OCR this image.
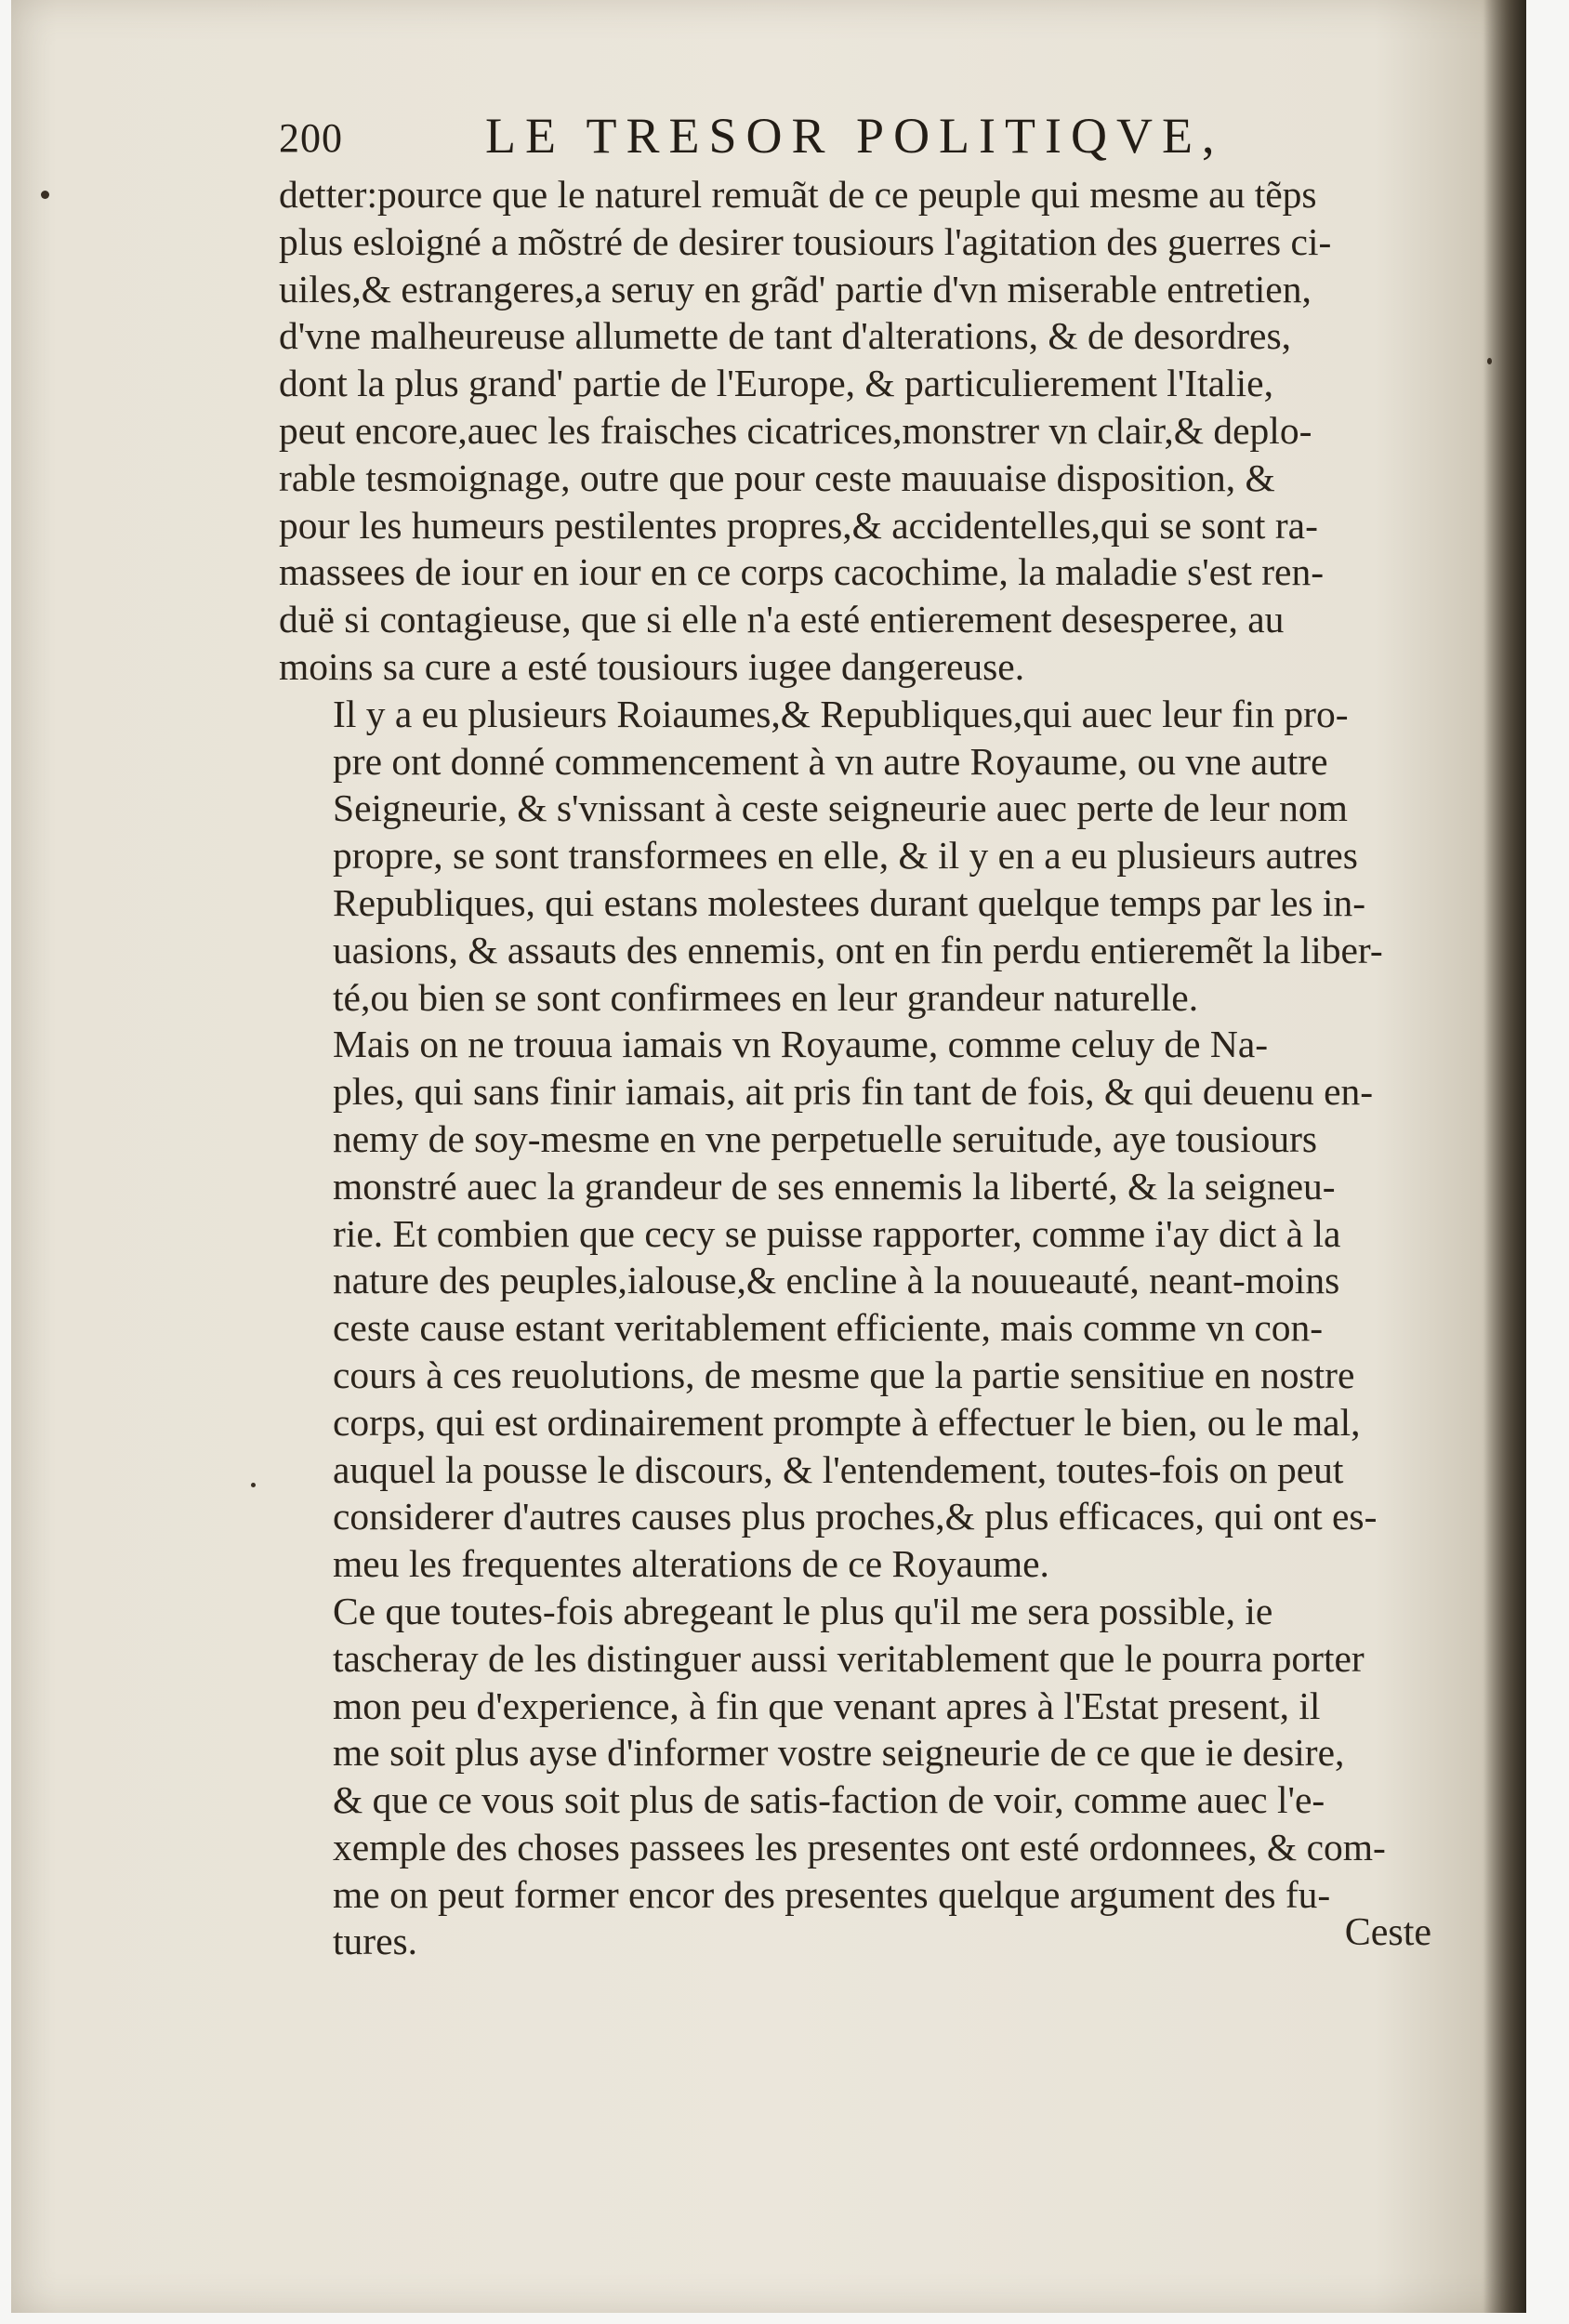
200	LE TRESOR POLITIQVE,

detter:pource que le naturel remuãt de ce peuple qui mesme au tẽps
plus esloigné a mõstré de desirer tousiours l'agitation des guerres ci-
uiles,& estrangeres,a seruy en grãd' partie d'vn miserable entretien,
d'vne malheureuse allumette de tant d'alterations, & de desordres,
dont la plus grand' partie de l'Europe, & particulierement l'Italie,
peut encore,auec les fraisches cicatrices,monstrer vn clair,& deplo-
rable tesmoignage, outre que pour ceste mauuaise disposition, &
pour les humeurs pestilentes propres,& accidentelles,qui se sont ra-
massees de iour en iour en ce corps cacochime, la maladie s'est ren-
duë si contagieuse, que si elle n'a esté entierement desesperee, au
moins sa cure a esté tousiours iugee dangereuse.

Il y a eu plusieurs Roiaumes,& Republiques,qui auec leur fin pro-
pre ont donné commencement à vn autre Royaume, ou vne autre
Seigneurie, & s'vnissant à ceste seigneurie auec perte de leur nom
propre, se sont transformees en elle, & il y en a eu plusieurs autres
Republiques, qui estans molestees durant quelque temps par les in-
uasions, & assauts des ennemis, ont en fin perdu entieremẽt la liber-
té,ou bien se sont confirmees en leur grandeur naturelle.

Mais on ne trouua iamais vn Royaume, comme celuy de Na-
ples, qui sans finir iamais, ait pris fin tant de fois, & qui deuenu en-
nemy de soy-mesme en vne perpetuelle seruitude, aye tousiours
monstré auec la grandeur de ses ennemis la liberté, & la seigneu-
rie. Et combien que cecy se puisse rapporter, comme i'ay dict à la
nature des peuples,ialouse,& encline à la nouueauté, neant-moins
ceste cause estant veritablement efficiente, mais comme vn con-
cours à ces reuolutions, de mesme que la partie sensitiue en nostre
corps, qui est ordinairement prompte à effectuer le bien, ou le mal,
auquel la pousse le discours, & l'entendement, toutes-fois on peut
considerer d'autres causes plus proches,& plus efficaces, qui ont es-
meu les frequentes alterations de ce Royaume.

Ce que toutes-fois abregeant le plus qu'il me sera possible, ie
tascheray de les distinguer aussi veritablement que le pourra porter
mon peu d'experience, à fin que venant apres à l'Estat present, il
me soit plus ayse d'informer vostre seigneurie de ce que ie desire,
& que ce vous soit plus de satis-faction de voir, comme auec l'e-
xemple des choses passees les presentes ont esté ordonnees, & com-
me on peut former encor des presentes quelque argument des fu-
tures.	Ceste
